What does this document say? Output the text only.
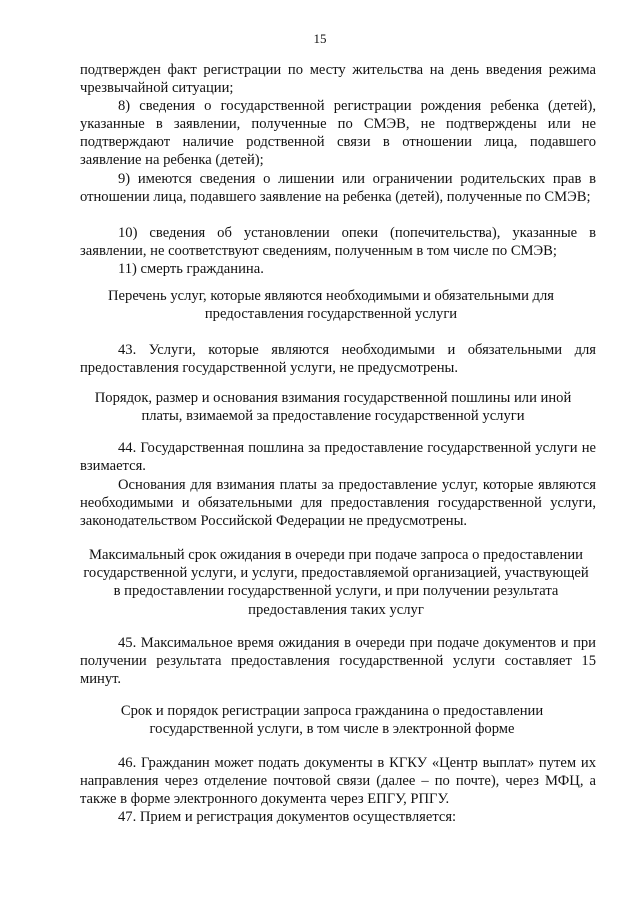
15

подтвержден факт регистрации по месту жительства на день введения режима чрезвычайной ситуации;

8) сведения о государственной регистрации рождения ребенка (детей), указанные в заявлении, полученные по СМЭВ, не подтверждены или не подтверждают наличие родственной связи в отношении лица, подавшего заявление на ребенка (детей);

9) имеются сведения о лишении или ограничении родительских прав в отношении лица, подавшего заявление на ребенка (детей), полученные по СМЭВ;

10) сведения об установлении опеки (попечительства), указанные в заявлении, не соответствуют сведениям, полученным в том числе по СМЭВ;

11) смерть гражданина.

Перечень услуг, которые являются необходимыми и обязательными для предоставления государственной услуги

43. Услуги, которые являются необходимыми и обязательными для предоставления государственной услуги, не предусмотрены.

Порядок, размер и основания взимания государственной пошлины или иной платы, взимаемой за предоставление государственной услуги

44. Государственная пошлина за предоставление государственной услуги не взимается.

Основания для взимания платы за предоставление услуг, которые являются необходимыми и обязательными для предоставления государственной услуги, законодательством Российской Федерации не предусмотрены.

Максимальный срок ожидания в очереди при подаче запроса о предоставлении государственной услуги, и услуги, предоставляемой организацией, участвующей в предоставлении государственной услуги, и при получении результата предоставления таких услуг

45. Максимальное время ожидания в очереди при подаче документов и при получении результата предоставления государственной услуги составляет 15 минут.

Срок и порядок регистрации запроса гражданина о предоставлении государственной услуги, в том числе в электронной форме

46. Гражданин может подать документы в КГКУ «Центр выплат» путем их направления через отделение почтовой связи (далее – по почте), через МФЦ, а также в форме электронного документа через ЕПГУ, РПГУ.

47. Прием и регистрация документов осуществляется:
